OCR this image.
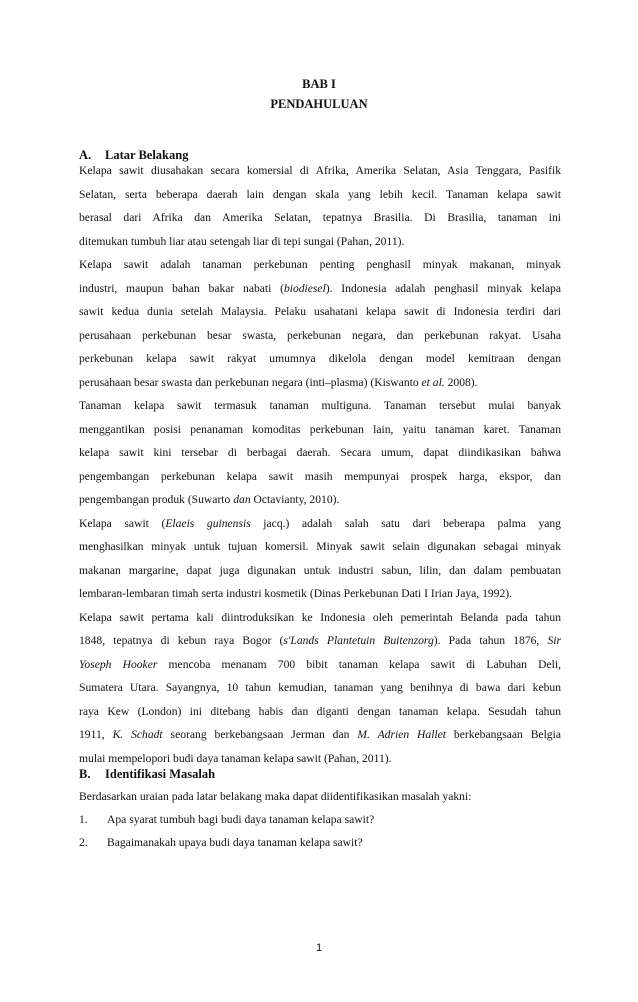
BAB I
PENDAHULUAN
A. Latar Belakang
Kelapa sawit diusahakan secara komersial di Afrika, Amerika Selatan, Asia Tenggara, Pasifik
Selatan, serta beberapa daerah lain dengan skala yang lebih kecil. Tanaman kelapa sawit
berasal dari Afrika dan Amerika Selatan, tepatnya Brasilia. Di Brasilia, tanaman ini
ditemukan tumbuh liar atau setengah liar di tepi sungai (Pahan, 2011).
Kelapa sawit adalah tanaman perkebunan penting penghasil minyak makanan, minyak
industri, maupun bahan bakar nabati (biodiesel). Indonesia adalah penghasil minyak kelapa
sawit kedua dunia setelah Malaysia. Pelaku usahatani kelapa sawit di Indonesia terdiri dari
perusahaan perkebunan besar swasta, perkebunan negara, dan perkebunan rakyat. Usaha
perkebunan kelapa sawit rakyat umumnya dikelola dengan model kemitraan dengan
perusahaan besar swasta dan perkebunan negara (inti–plasma) (Kiswanto et al. 2008).
Tanaman kelapa sawit termasuk tanaman multiguna. Tanaman tersebut mulai banyak
menggantikan posisi penanaman komoditas perkebunan lain, yaitu tanaman karet. Tanaman
kelapa sawit kini tersebar di berbagai daerah. Secara umum, dapat diindikasikan bahwa
pengembangan perkebunan kelapa sawit masih mempunyai prospek harga, ekspor, dan
pengembangan produk (Suwarto dan Octavianty, 2010).
Kelapa sawit (Elaeis guinensis jacq.) adalah salah satu dari beberapa palma yang
menghasilkan minyak untuk tujuan komersil. Minyak sawit selain digunakan sebagai minyak
makanan margarine, dapat juga digunakan untuk industri sabun, lilin, dan dalam pembuatan
lembaran-lembaran timah serta industri kosmetik (Dinas Perkebunan Dati I Irian Jaya, 1992).
Kelapa sawit pertama kali diintroduksikan ke Indonesia oleh pemerintah Belanda pada tahun
1848, tepatnya di kebun raya Bogor (s'Lands Plantetuin Buitenzorg). Pada tahun 1876, Sir
Yoseph Hooker mencoba menanam 700 bibit tanaman kelapa sawit di Labuhan Deli,
Sumatera Utara. Sayangnya, 10 tahun kemudian, tanaman yang benihnya di bawa dari kebun
raya Kew (London) ini ditebang habis dan diganti dengan tanaman kelapa. Sesudah tahun
1911, K. Schadt seorang berkebangsaan Jerman dan M. Adrien Hallet berkebangsaan Belgia
mulai mempelopori budi daya tanaman kelapa sawit (Pahan, 2011).
B. Identifikasi Masalah
Berdasarkan uraian pada latar belakang maka dapat diidentifikasikan masalah yakni:
1. Apa syarat tumbuh bagi budi daya tanaman kelapa sawit?
2. Bagaimanakah upaya budi daya tanaman kelapa sawit?
1
